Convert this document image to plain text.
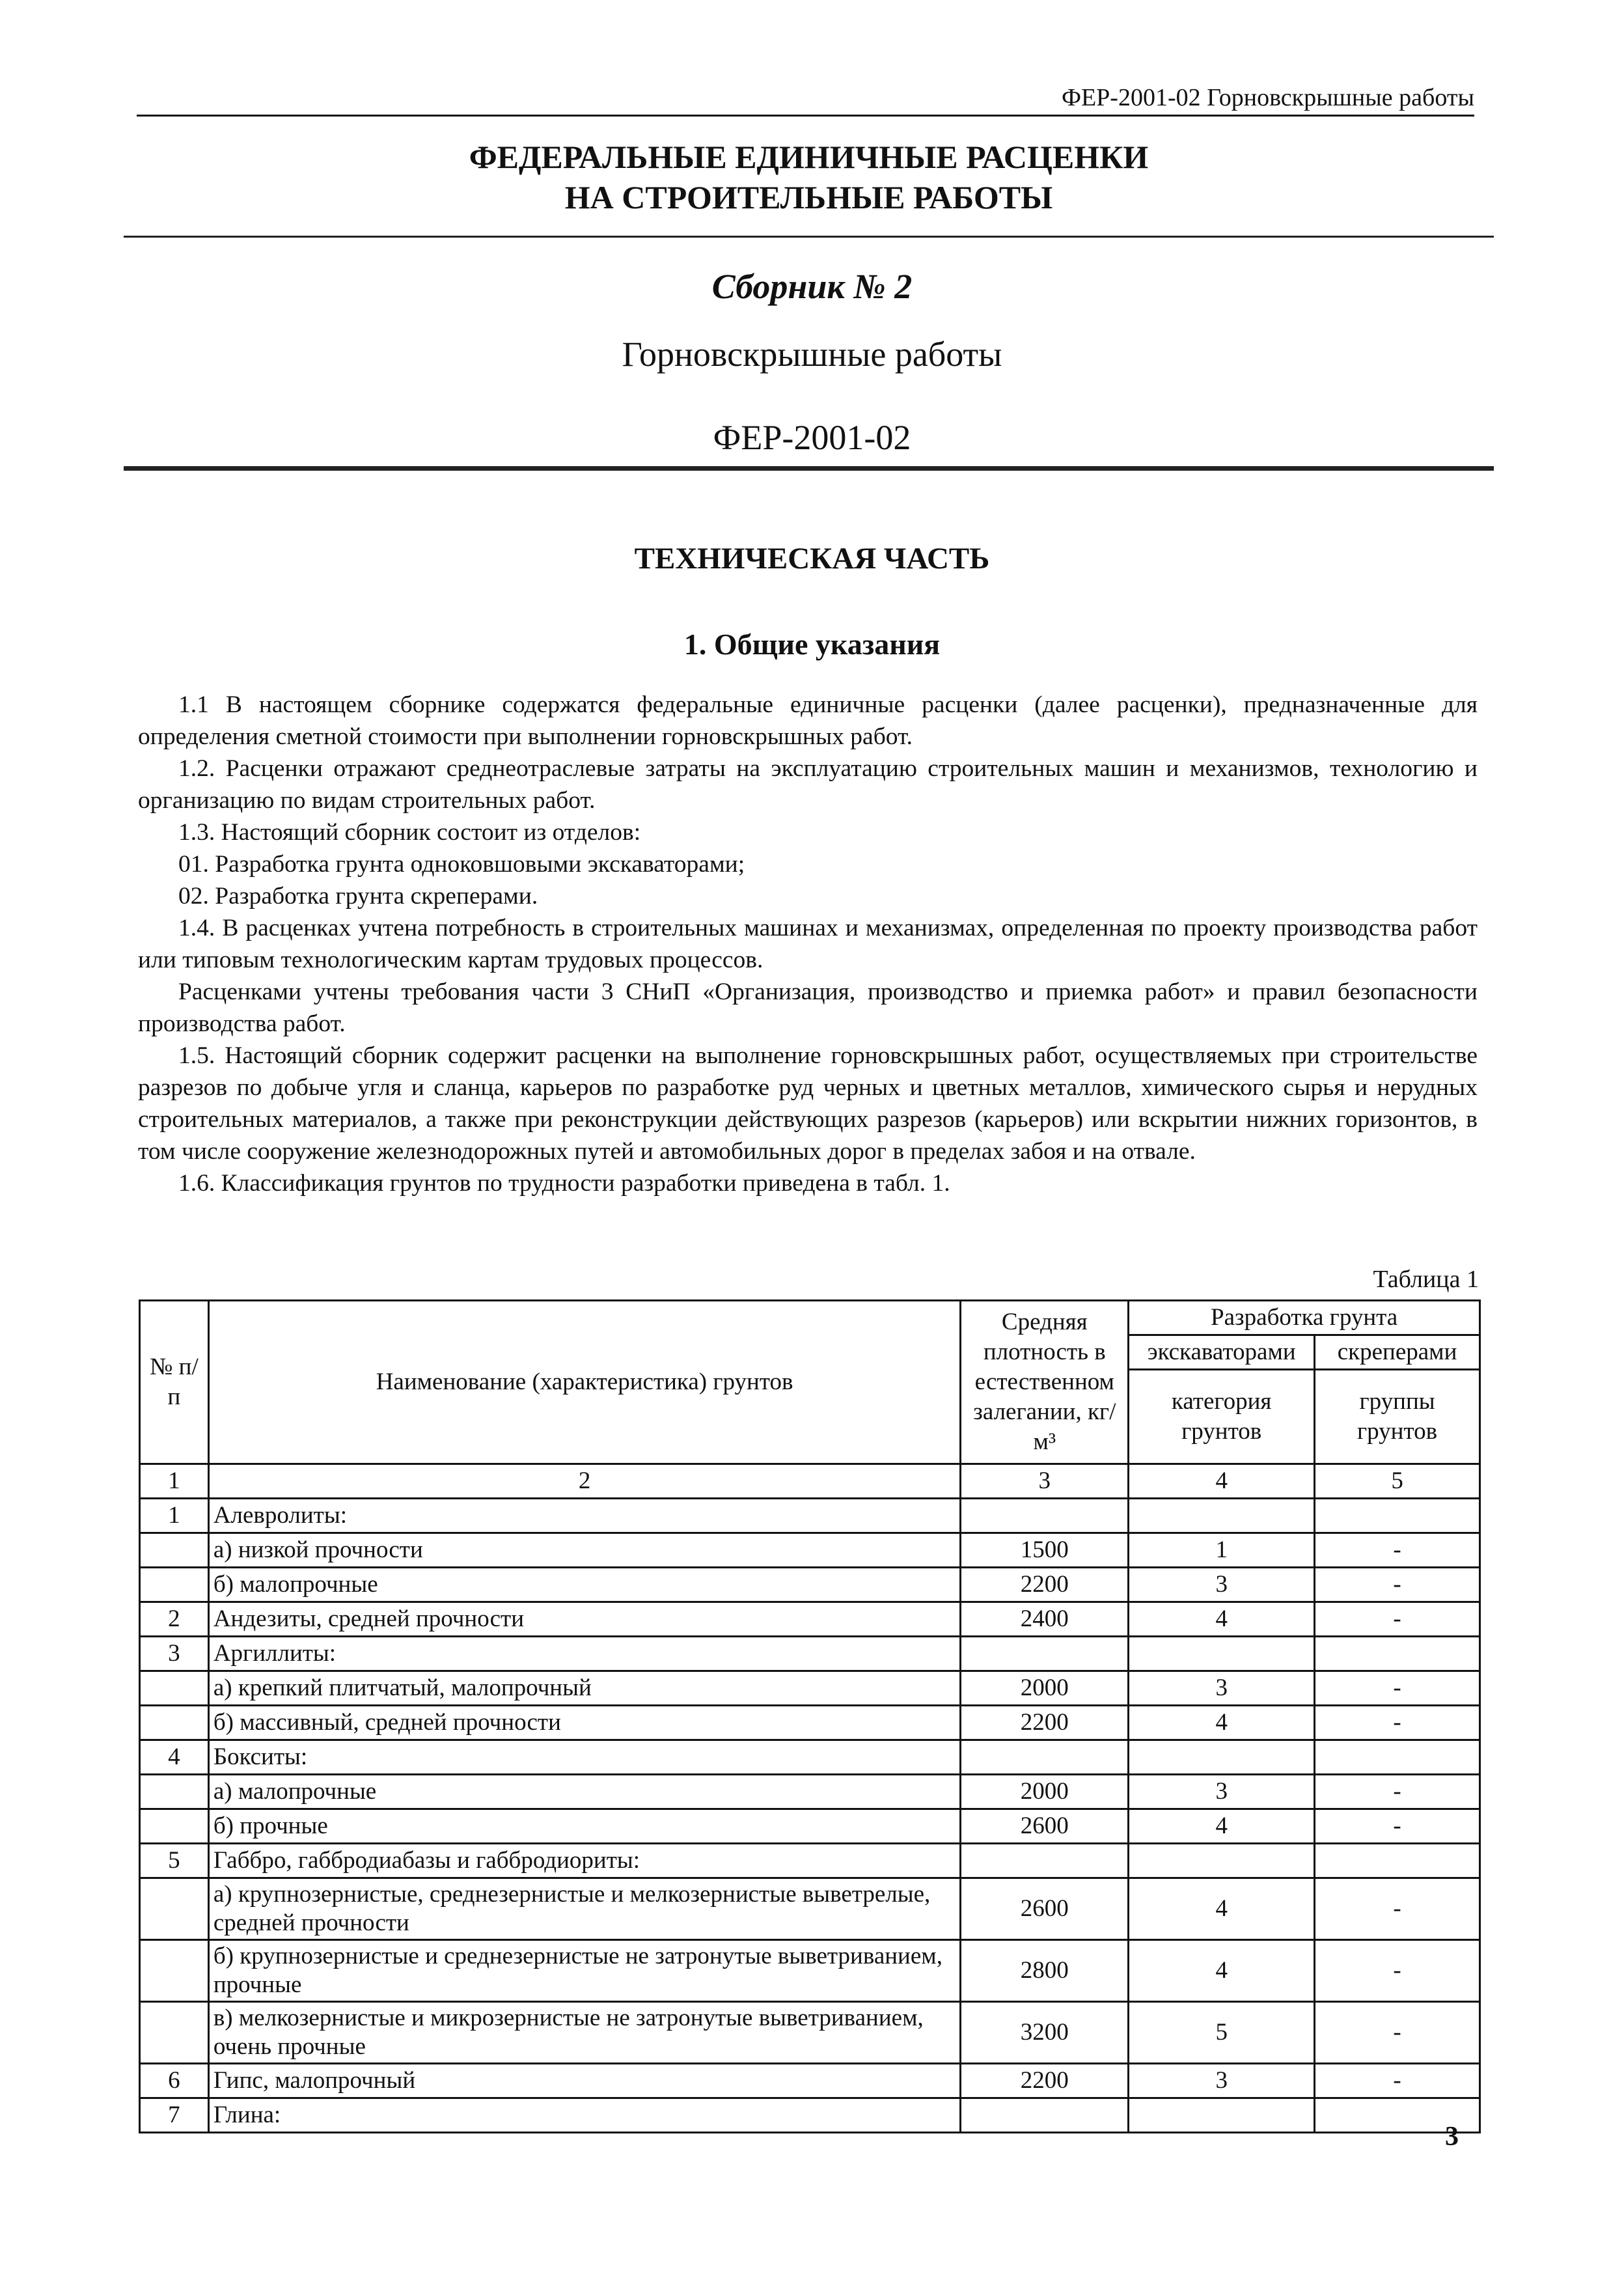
ФЕР-2001-02 Горновскрышные работы
ФЕДЕРАЛЬНЫЕ ЕДИНИЧНЫЕ РАСЦЕНКИ
НА СТРОИТЕЛЬНЫЕ РАБОТЫ
Сборник № 2
Горновскрышные работы
ФЕР-2001-02
ТЕХНИЧЕСКАЯ ЧАСТЬ
1. Общие указания

1.1 В настоящем сборнике содержатся федеральные единичные расценки (далее расценки), предназначенные для определения сметной стоимости при выполнении горновскрышных работ.

1.2. Расценки отражают среднеотраслевые затраты на эксплуатацию строительных машин и механизмов, технологию и организацию по видам строительных работ.

1.3. Настоящий сборник состоит из отделов:

01. Разработка грунта одноковшовыми экскаваторами;

02. Разработка грунта скреперами.

1.4. В расценках учтена потребность в строительных машинах и механизмах, определенная по проекту производства работ или типовым технологическим картам трудовых процессов.

Расценками учтены требования части 3 СНиП «Организация, производство и приемка работ» и правил безопасности производства работ.

1.5. Настоящий сборник содержит расценки на выполнение горновскрышных работ, осуществляемых при строительстве разрезов по добыче угля и сланца, карьеров по разработке руд черных и цветных металлов, химического сырья и нерудных строительных материалов, а также при реконструкции действующих разрезов (карьеров) или вскрытии нижних горизонтов, в том числе сооружение железнодорожных путей и автомобильных дорог в пределах забоя и на отвале.

1.6. Классификация грунтов по трудности разработки приведена в табл. 1.

Таблица 1
№ п/п	Наименование (характеристика) грунтов	Средняя плотность в естественном залегании, кг/м³	Разработка грунта	
			экскаваторами	скреперами
			категория грунтов	группы грунтов
1	2	3	4	5
1	Алевролиты:			
	а) низкой прочности	1500	1	-
	б) малопрочные	2200	3	-
2	Андезиты, средней прочности	2400	4	-
3	Аргиллиты:			
	а) крепкий плитчатый, малопрочный	2000	3	-
	б) массивный, средней прочности	2200	4	-
4	Бокситы:			
	а) малопрочные	2000	3	-
	б) прочные	2600	4	-
5	Габбро, габбродиабазы и габбродиориты:			
	а) крупнозернистые, среднезернистые и мелкозернистые выветрелые, средней прочности	2600	4	-
	б) крупнозернистые и среднезернистые не затронутые выветриванием, прочные	2800	4	-
	в) мелкозернистые и микрозернистые не затронутые выветриванием, очень прочные	3200	5	-
6	Гипс, малопрочный	2200	3	-
7	Глина:			
3
